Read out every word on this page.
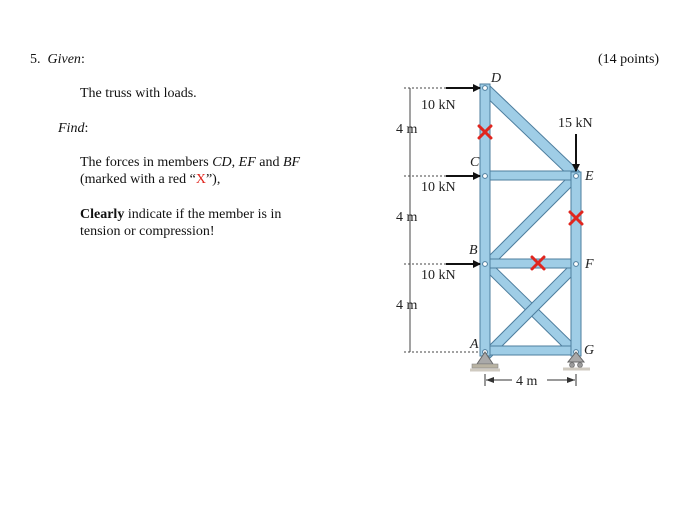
5. Given:	(14 points)
The truss with loads.
Find:
The forces in members CD, EF and BF
(marked with a red “X”),
Clearly indicate if the member is in
tension or compression!
4 m
4 m
4 m
10 kN
10 kN
10 kN
15 kN
D
C
B
A
E
F
G
4 m
